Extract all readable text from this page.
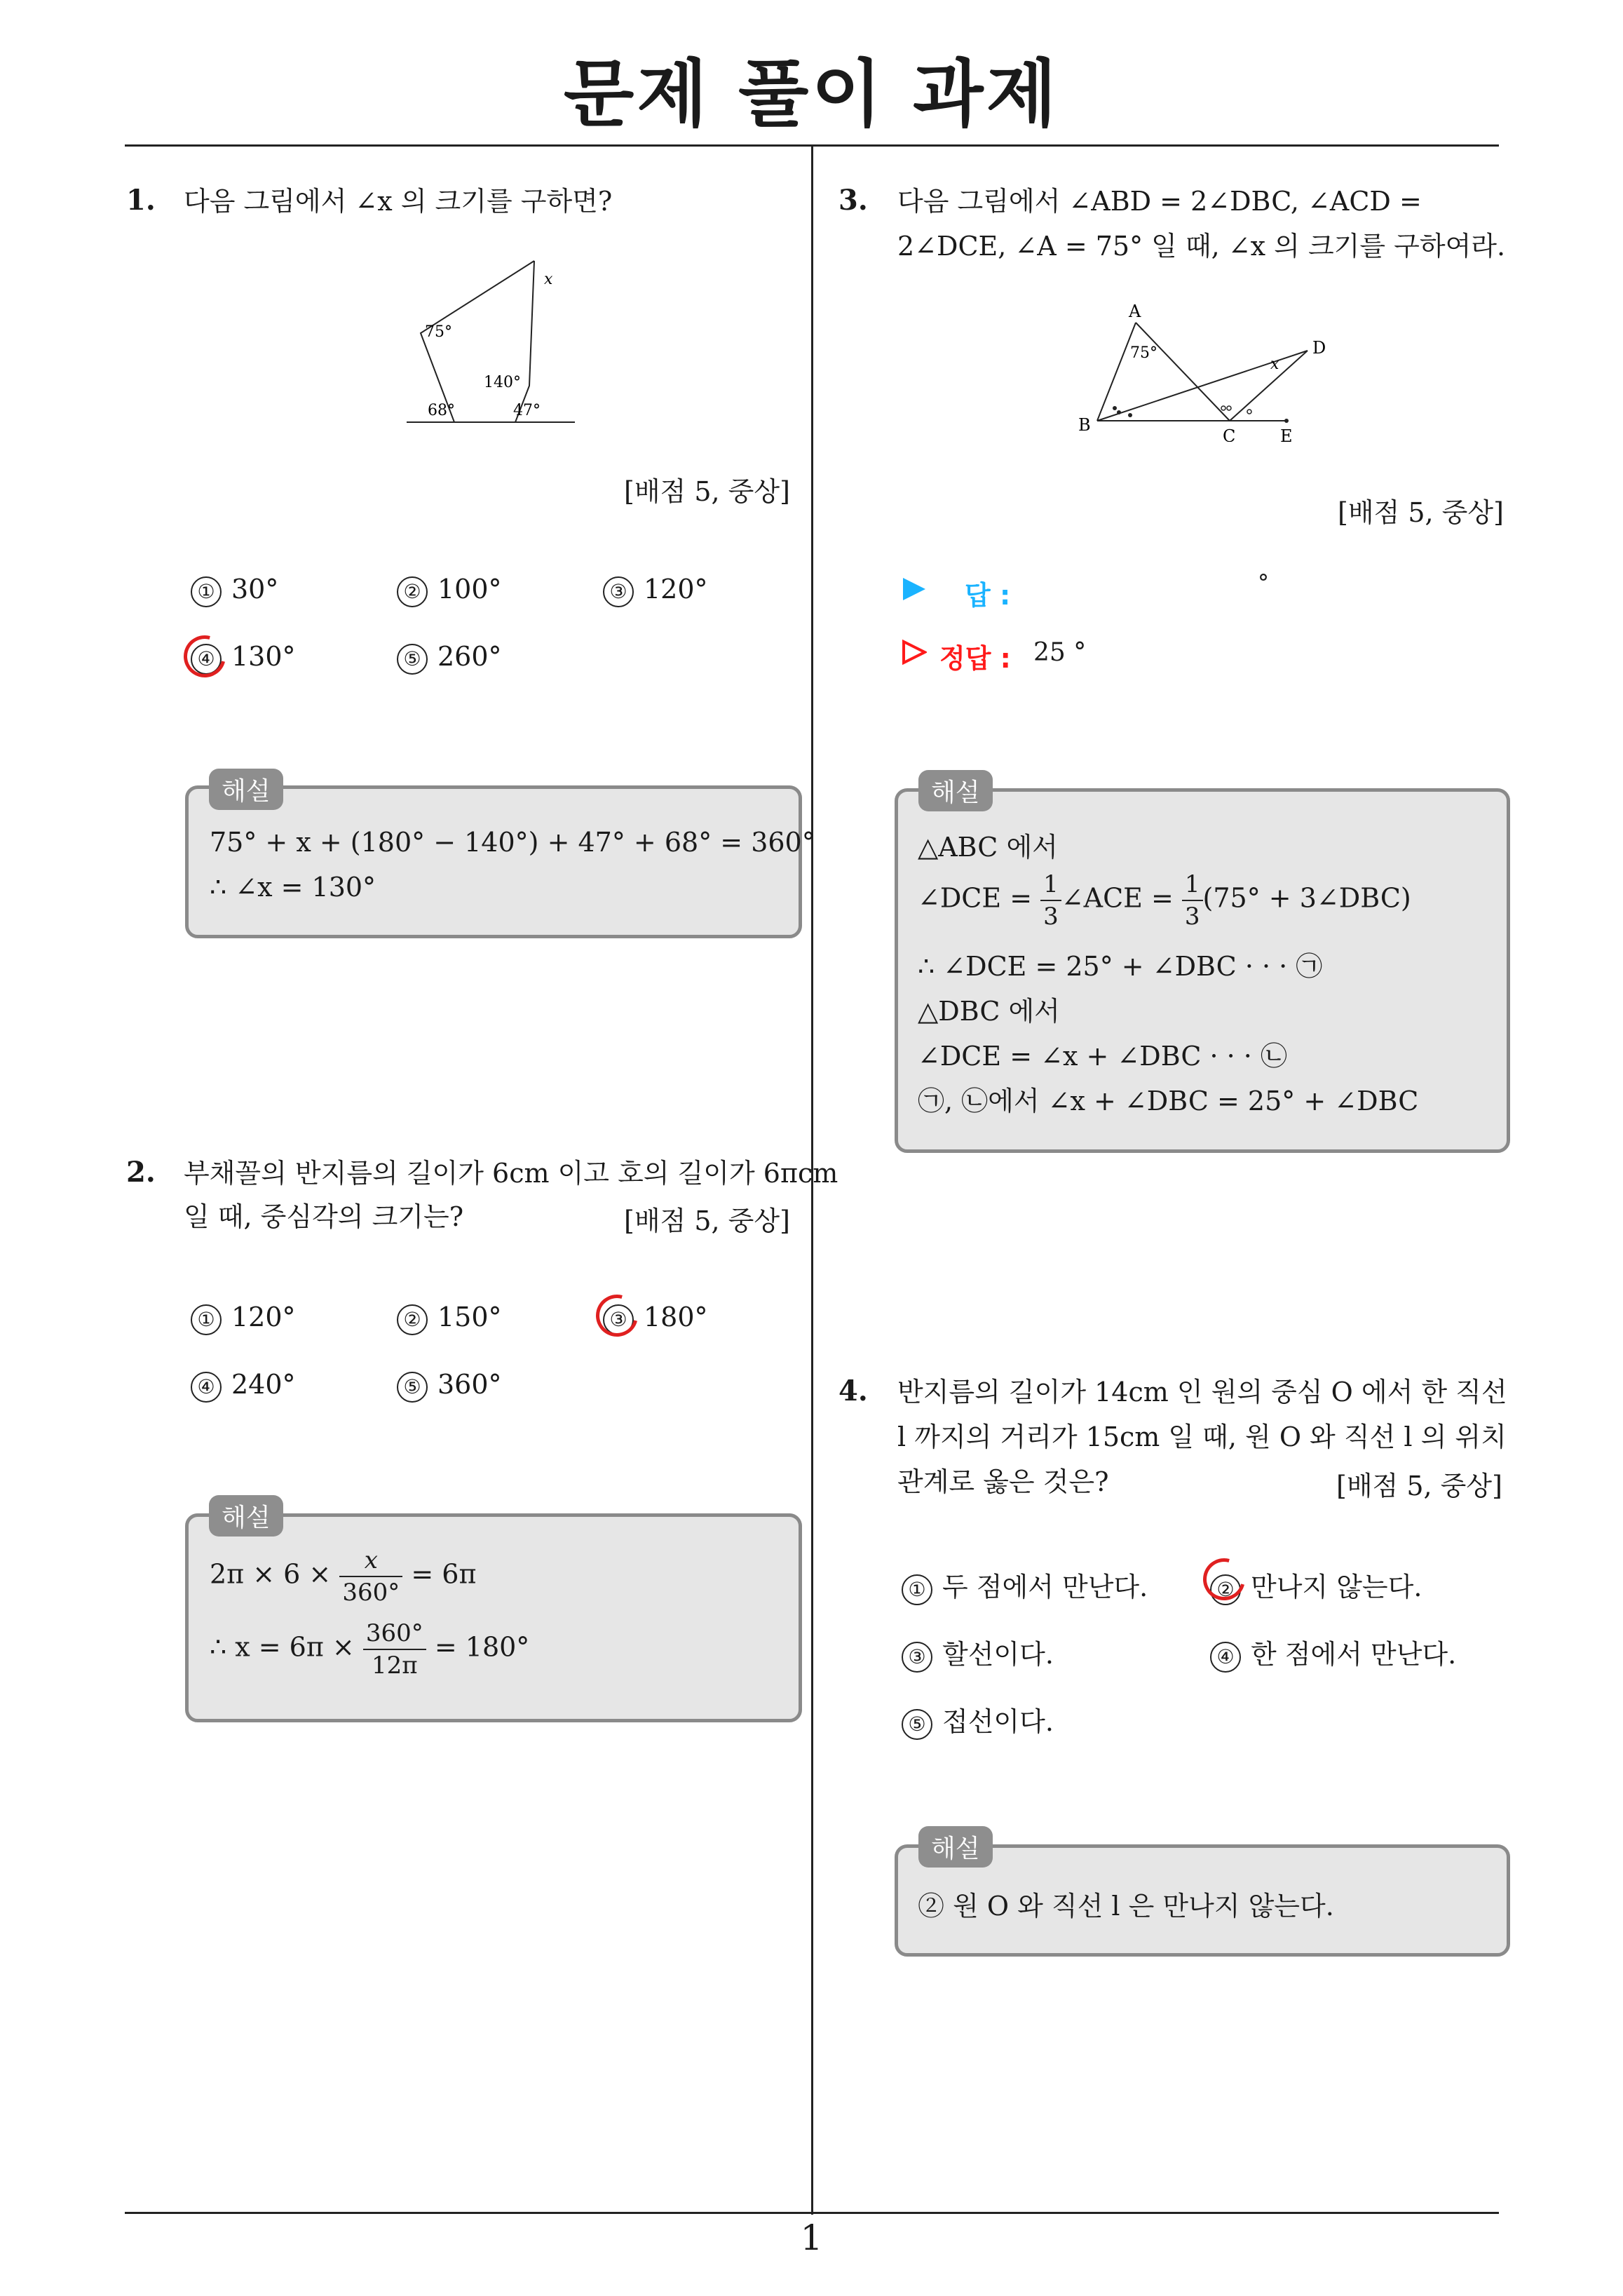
문제 풀이 과제
1
1. 다음 그림에서 ∠x 의 크기를 구하면?
75°
140°
68°	47°
x
[배점 5, 중상]
① 30°	② 100°	③ 120°
④ 130°	⑤ 260°
75° + x + (180° − 140°) + 47° + 68° = 360°
∴ ∠x = 130°
해설
2. 부채꼴의 반지름의 길이가 6cm 이고 호의 길이가 6πcm
일 때, 중심각의 크기는?	[배점 5, 중상]
① 120°	② 150°	③ 180°
④ 240°	⑤ 360°
$2\pi \times 6 \times \frac{x}{360^\circ} = 6\pi$
∴ $x = 6\pi \times \frac{360^\circ}{12\pi} = 180^\circ$
해설
3. 다음 그림에서 ∠ABD = 2∠DBC, ∠ACD =
2∠DCE, ∠A = 75° 일 때, ∠x 의 크기를 구하여라.
A
B
C
D
E
75°
x
[배점 5, 중상]
답 :	°
정답 : 25 °
△ABC 에서
∠DCE = $\frac{1}{3}$ ∠ACE = $\frac{1}{3} (75^\circ$ + 3∠DBC)
∴ ∠DCE = 25° + ∠DBC · · · ㉠
△DBC 에서
∠DCE = ∠x + ∠DBC · · · ㉡
㉠, ㉡에서 ∠x + ∠DBC = 25° + ∠DBC
해설
4. 반지름의 길이가 14cm 인 원의 중심 O 에서 한 직선
l 까지의 거리가 15cm 일 때, 원 O 와 직선 l 의 위치
관계로 옳은 것은?	[배점 5, 중상]
① 두 점에서 만난다.	② 만나지 않는다.
③ 할선이다.	④ 한 점에서 만난다.
⑤ 접선이다.
② 원 O 와 직선 l 은 만나지 않는다.
해설
